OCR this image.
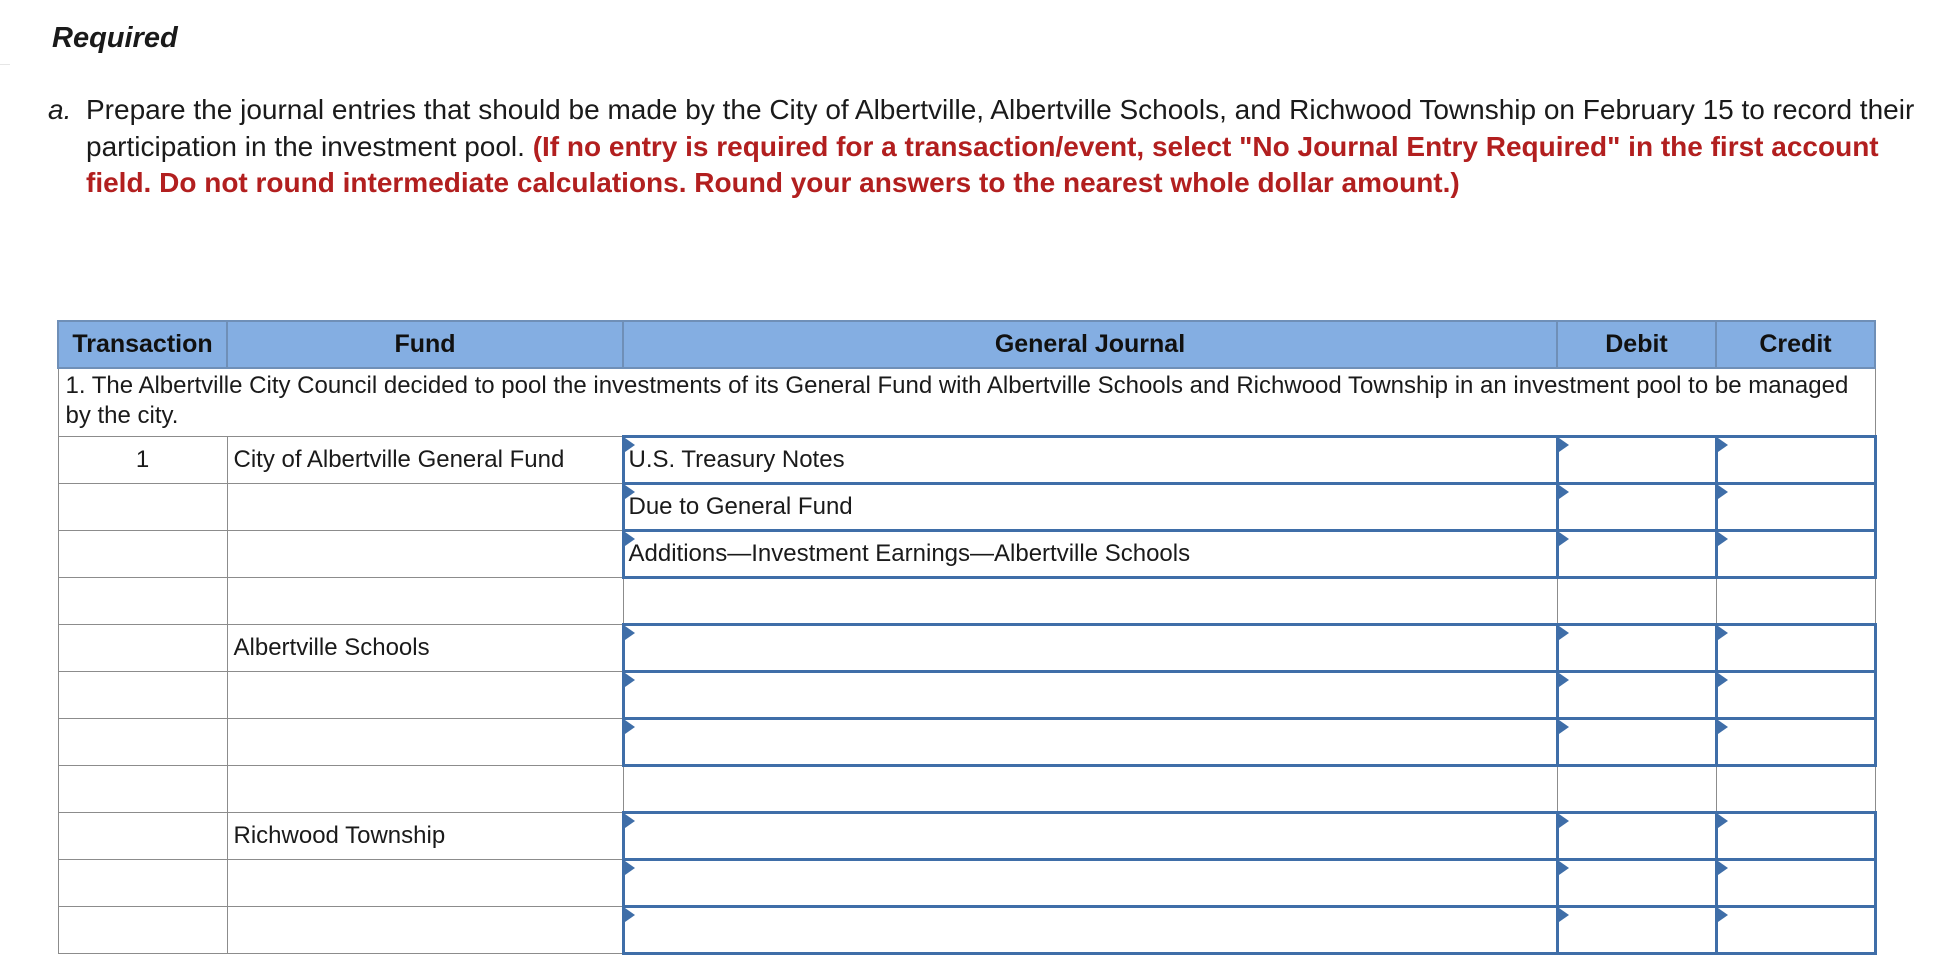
Required
a. Prepare the journal entries that should be made by the City of Albertville, Albertville Schools, and Richwood Township on February 15 to record their participation in the investment pool. (If no entry is required for a transaction/event, select "No Journal Entry Required" in the first account field. Do not round intermediate calculations. Round your answers to the nearest whole dollar amount.)
Transaction	Fund	General Journal	Debit	Credit
1. The Albertville City Council decided to pool the investments of its General Fund with Albertville Schools and Richwood Township in an investment pool to be managed by the city.				
1	City of Albertville General Fund	U.S. Treasury Notes		
		Due to General Fund		
		Additions—Investment Earnings—Albertville Schools		

	Albertville Schools			

	Richwood Township			
